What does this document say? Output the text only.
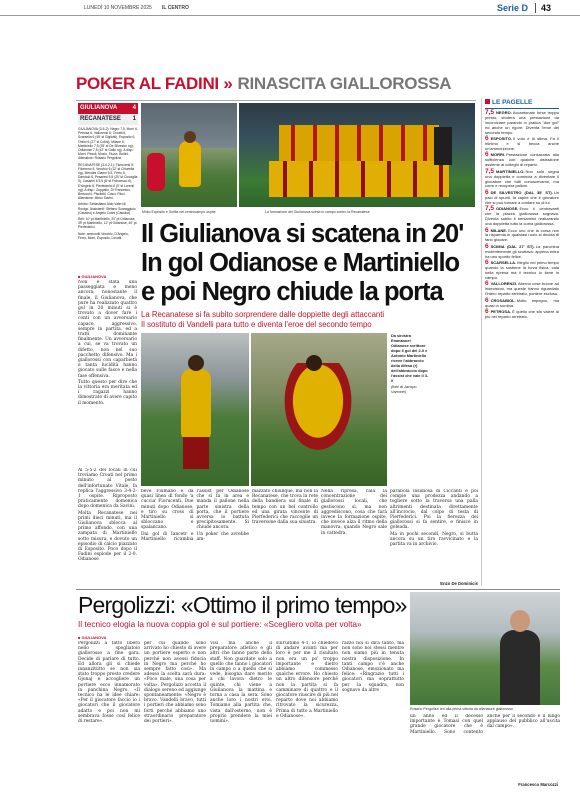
LUNEDÌ 10 NOVEMBRE 2025 IL CENTRO	Serie D 43
POKER AL FADINI » RINASCITA GIALLOROSSA
GIULIANOVA	4
RECANATESE 1

GIULIANOVA (3-5-2): Negro 7,5, Morri 6, Petrosa 6, Vallorenzi 6; Croatti 6, Scarsella 6 (45' st Gigliotti), Esposito 6, Orsini 6 (27' st Colini), Milane 6; Martiniello 7,5 (35' st De Silvestro ng), Odianose 7,5 (42' st Gallo ng). A disp.: Morri, Pesoli, Muzio, Fiuzzi, Bollini. Allenatore: Rosario Pergolizzi.

RECANATESE (3-4-2-1): Fiorucenti 5; Filomeno 5, Vecchio 6 (12' st Chiarella ng), Mendes Gianni 5,5, Ferro 6, Dandolo 6, Pesaresi 5,5 (25' st Ciccaglia 5), Casarini 6 5,5 (8' st Francesco 6), D'Angelo 6, Pierfederici 6 (5' st Lorenti ng). A disp.: Zuppallo, Di Francesco, Bertocchi, Piscitelli, Cosci, Ricci. Allenatore: Mirko Savini.

Arbitro: Sebastiano Aldo Valeri di Rovigo. Assistenti: Stefano Scaraggiolo (Cassino) e Angelo Cutini (Cassino).

Reti: 10' pt Martiniello, 20' pt Odianose, 39' pt Martiniello, 12' pt Odianose, 40' pt Pierfederici.

Note: ammoniti Vecchio, D'Angelo, Ferro, Morri, Esposito, Lovotti.

■ GIULIANOVA
Mirko Esposito e Sofilla nel centrocampo ospite	La formazione del Giulianova scesa in campo contro la Recanatese
Il Giulianova si scatena in 20'
In gol Odianose e Martiniello
e poi Negro chiude la porta
La Recanatese si fa subito sorprendere dalle doppiette degli attaccanti
Il sostituto di Vandelli para tutto e diventa l'eroe del secondo tempo
Da sinistra Emmanuel Odianose scrittore dopo il gol del 2-0 e Antonio Martiniello riceve l'abbraccio della difesa (r) dell'abbraccio dopo l'assist che vale il 3-0
(foto di Jacopo Varrone)

Non è stata una passeggiata e meno ancora, nonostante il finale, il Giulianova, che pure ha realizzato quattro gol in 20 minuti si è trovato a dover fare i conti con un avversario capace, aggressivo, sempre in partita, ed a tratti dominante finalmente. Un avversario a cui, se va trovato un difetto, non nel suo pacchetto difensivo. Ma i giallorossi con caparbietà e tanta lucidità hanno giocato sulle fasce e nella fase offensiva.

Tutto questo per dire che la vittoria era meritata ed i ragazzi hanno dimostrato di avere capito il momento.

Al 5-5-2 dei locali in cui troviamo Croati nel primo minuto al posto dell'infortunato Vitale, fa replica l'aggressivo 3-4-2-1 ospite. Riproposto praticamente domenica dopo domenica da Savini.

Molta Recanatese nei primi dieci minuti, ma il Giulianova sblocca al primo affondo, con una zampata di Martiniello sotto misura, e dovuto un episodio di calcio piazzato di Esposito. Poco dopo il Fadini esplode per il 2-0. Odianose

beve Fiumanò e da quasi linea di fondo 'a cuccia' Fiorucenti. Due minuti dopo Odianose, e tiro su cross di Martiniello si sbloccano e spalancano.

Dai gol di Iancetr e Martiniello ricambia l'assist per Odianose che si fa in area e manda il pallone nella parte sinistra della porta, che il portiere avversa lo battuta precipitosamente. Si chiude ancora.

Un poker che avrebbe am-

mazzato chiunque, ma non la Recanatese, che trova la rete della bandiera sul finale di tempo con un bel controllo ed una girata vincente di Pierfederici che raccoglie un traversone dalla sua sinistra.

Nella ripresa, cala la concentrazione dei giallorossi locali, che gestiscono sì, ma non aggrediscono, cosa che farà invece la formazione ospite, che invece alza il ritmo della manovra, quando Negro sale in cattedra.

parabola insidiosa di Ciccanti e poi compie una prodezza andando a togliere sotto la traversa una palla altrimenti destinata direttamente all'incrocio, dal colpo di testa di Pierfederici. Poi la fierezza dei giallorossi si fa sentire, e finisce in goleada.

Ma in pochi secondi, Negro, si butta ancora su un tiro ravvicinato e la partita va in archivio.

Enzo De Dominicis
LE PAGELLE
7,5 NEGRO.Accantonato forse troppo presto, sfodera una prestazione da incorniciare parando in pratica "due gol" ed anche un rigore. Diventa l'eroe del secondo tempo.
6 ESPOSITO.Il voto è di stima. Fa il minimo e si becca anche un'ammonizione.
6 MORRI.Prestazione consacrata alla sufficienza con qualche distrazione assieme ai colleghi di reparto.
7,5 MARTINIELLO.Non solo segna una doppietta e comincia a diventare il giocatore che tutti conoscevamo, ma corre e recupera palloni.
6 DE SILVESTRO (DAL 35' ST).Un paio di spunti, fa capire che è giocatore che si può tornare a contare su di lui.
7,5 ODIANOSE.Ecco il centravanti che la piazza giallorossa sognava. Diventa subito il beniamino realizzando una doppietta tutto la curva giallorossa.
6 MILANE.Ecco uno che la corsa non la risparmia in qualsiasi ruolo si decida di farlo giocare.
6 SCIMIA (DAL 27' ST).La panchina evidentemente gli scottava: appena entra ha uno spunto felice.
6 SCARSELLA.Meglio nel primo tempo quando la sostiene la forza fisica, cala nella ripresa ma il tecnico lo tiene in campo.
6 VALLORENZI.Alterna cose buone ad indecisioni, ma queste hanno riguardato l'intero reparto arretrato, portiere escluso.
6 CROSABIOL.Molto impegno, ma quasi in sordina.
6 PETROSA.È quello che sfa valere di più nel reparto arretrato.
Pergolizzi: «Ottimo il primo tempo»
Il tecnico elogia la nuova coppia gol e sul portiere: «Scegliero volta per volta»
■ GIULIANOVA

Pergolizzi a fatto libero nello spogliatoio giallorosso a fine gara. Decide di parlare di tutto. Ed allora gli si chiede innanzitutto se non sia stato troppo presto credere Gjonaj e accogliere un portiere ecco innamorato in panchina Negro. «Il tecnico ha le idee chiare: «Per il giocatore faccio io i giocatori che il giocatore adatto e poi non mi sembrava fosse così felice di restare».

per cui quando sono arrivato ho chiesto di avere un portiere esperto e non perché non avessi fiducia in Negro ma perché ho sempre fatto così». Ma adesso la scelta sarà dura: «Poco male, una cosa per volta». Pergolizzi accetta il dialogo sereno ed aggiunge spontaneamente: «Negro è bravo. Vandelli bravo, tutti i portieri che abbiamo sono forti perché abbiamo uno straordinario preparatore dei portieri».

Visi ma anche il preparatore atletico e gli altri che fanno parte dello staff. Non guardate solo a quello che fanno i giocatori in campo o a quello che si vede, bisogna dare merito a chi lavora dietro le quinte, chi viene a Giulianova la mattina e torna a casa la sera. Sono anche loro i nostri eroi. Tomiamo alla partita che, vista dall'esterno, non è proprio prendere la miei uomini».

sull'ultimo 4-1, io chiedevo di andare avanti ma per loro è per me il risultato non era un po' troppo importante e dietro abbiamo commesso qualche errore. Ho chiesto un altro difensore perché non la partita si fa camminare di quattro e il giocatore riuscire di più nel reparto dove noi abbiamo ritrovato la sicurezza. Prima di tutto a Martiniello e Odianose».

razzo noi si dirà tanto, ma non sono noi stessi mentre non siamo più in tenuta nostra disposizione. In tanti campo c'è anche Odianose, emozionato ma felice: «Ringrazio tutti i giocatori ma soprattutto per la squadra, non sognavo da altre

Rosario Pergolizzi ieri alla prima vittoria da allenatore giallorosso

un anno ed il decesso importante è Tomasi con quel grande giocatore che è Martiniello. Sono contento anche per il secondo e il lungo applauso del pubblico all'uscita dal campo».

Francesco Marcozzi
